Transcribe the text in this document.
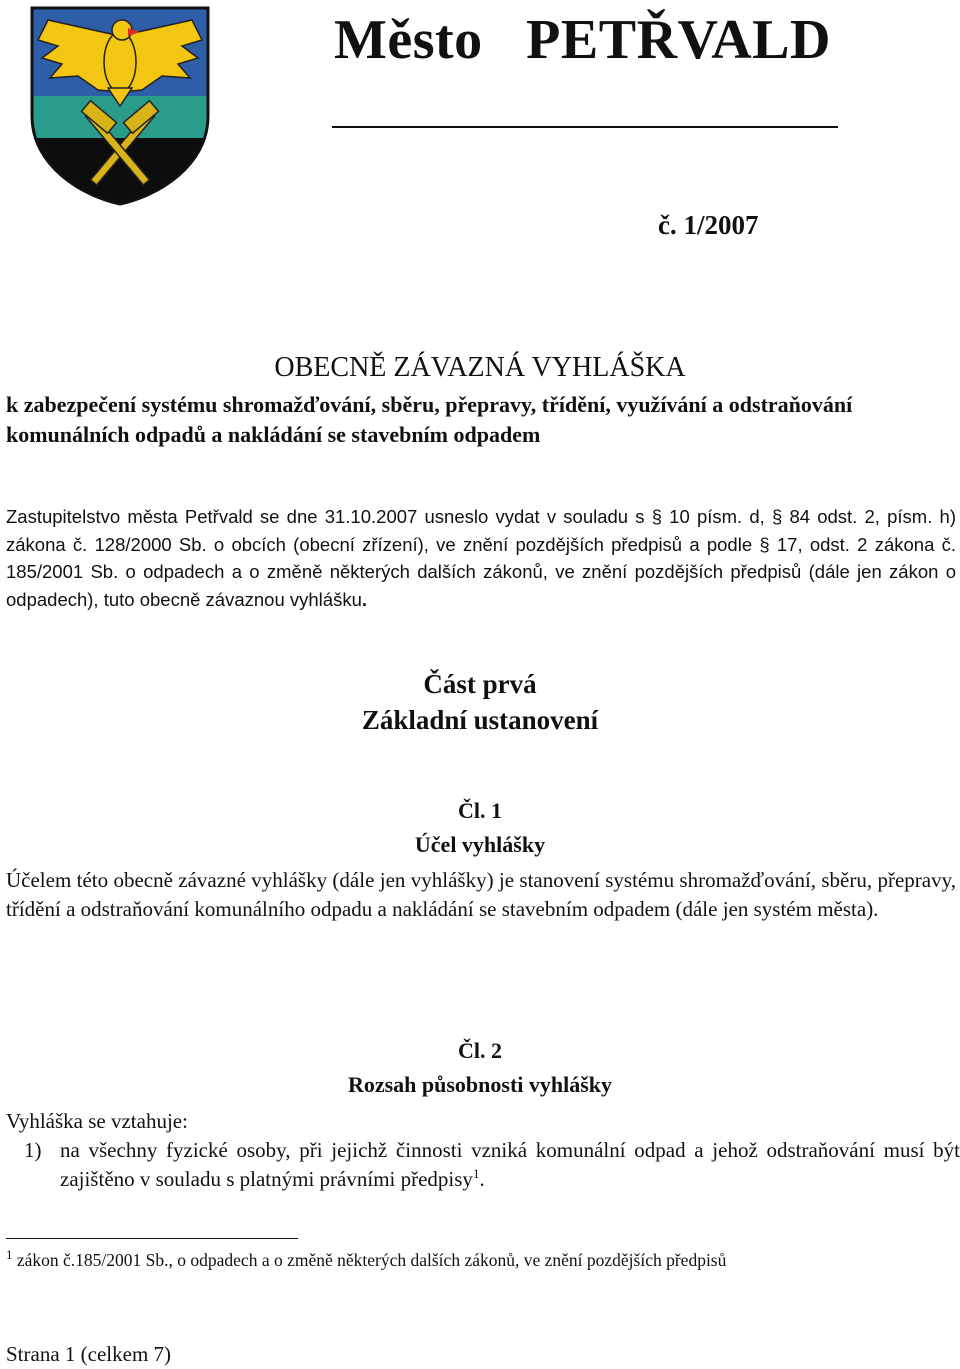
Město   PETŘVALD
č. 1/2007
OBECNĚ ZÁVAZNÁ VYHLÁŠKA
k zabezpečení systému shromažďování, sběru, přepravy, třídění, využívání a odstraňování komunálních odpadů a nakládání se stavebním odpadem
Zastupitelstvo města Petřvald se dne 31.10.2007 usneslo vydat v souladu s § 10 písm. d, § 84 odst. 2, písm. h) zákona č. 128/2000 Sb. o obcích (obecní zřízení), ve znění pozdějších předpisů a podle § 17, odst. 2 zákona č. 185/2001 Sb. o odpadech a o změně některých dalších zákonů, ve znění pozdějších předpisů (dále jen zákon o odpadech), tuto obecně závaznou vyhlášku.
Část prvá
Základní ustanovení
Čl. 1
Účel vyhlášky
Účelem této obecně závazné vyhlášky (dále jen vyhlášky) je stanovení systému shromažďování, sběru, přepravy, třídění a odstraňování komunálního odpadu a nakládání se stavebním odpadem (dále jen systém města).
Čl. 2
Rozsah působnosti vyhlášky
Vyhláška se vztahuje:
1) na všechny fyzické osoby, při jejichž činnosti vzniká komunální odpad a jehož odstraňování musí být zajištěno v souladu s platnými právními předpisy$^1$.
$^1$ zákon č.185/2001 Sb., o odpadech a o změně některých dalších zákonů, ve znění pozdějších předpisů
Strana 1 (celkem 7)
